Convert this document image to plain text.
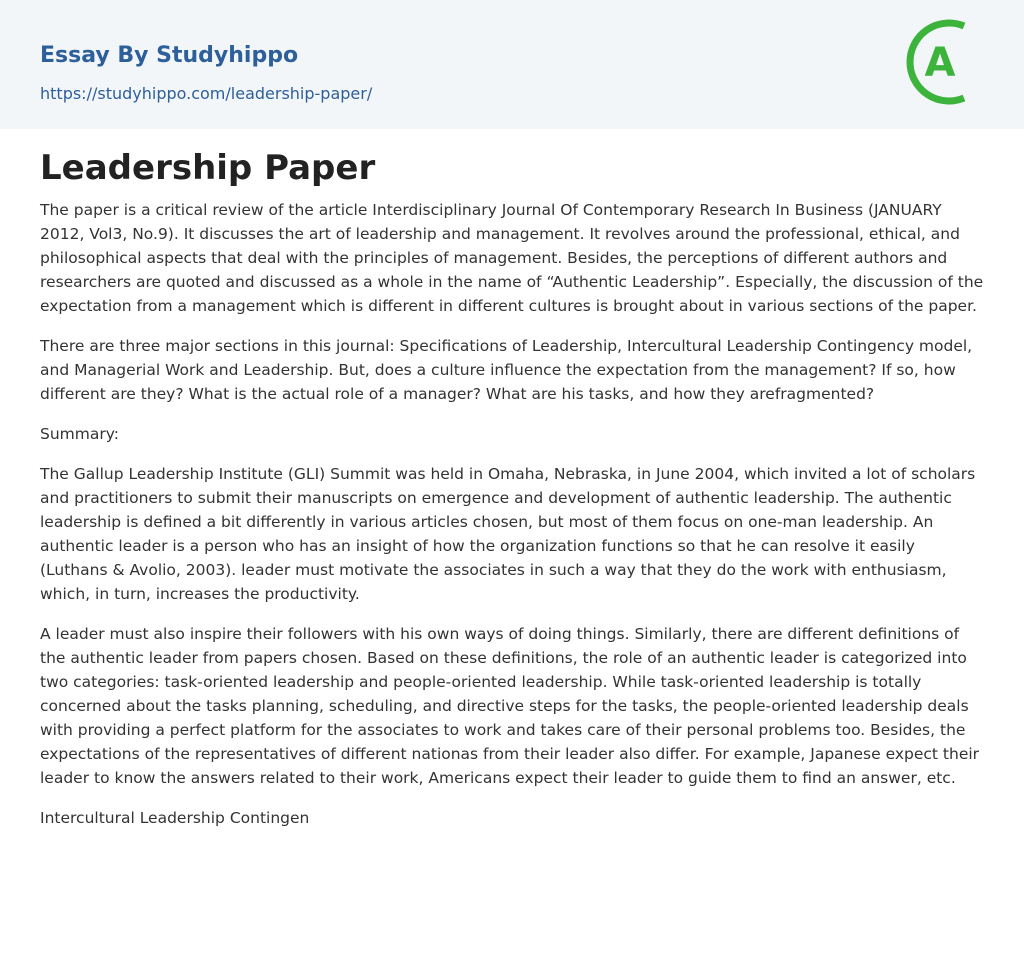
Essay By Studyhippo
https://studyhippo.com/leadership-paper/
A
Leadership Paper

The paper is a critical review of the article Interdisciplinary Journal Of Contemporary Research In Business (JANUARY 2012, Vol3, No.9). It discusses the art of leadership and management. It revolves around the professional, ethical, and philosophical aspects that deal with the principles of management. Besides, the perceptions of different authors and researchers are quoted and discussed as a whole in the name of “Authentic Leadership”. Especially, the discussion of the expectation from a management which is different in different cultures is brought about in various sections of the paper.

There are three major sections in this journal: Specifications of Leadership, Intercultural Leadership Contingency model, and Managerial Work and Leadership. But, does a culture influence the expectation from the management? If so, how different are they? What is the actual role of a manager? What are his tasks, and how they arefragmented?

Summary:

The Gallup Leadership Institute (GLI) Summit was held in Omaha, Nebraska, in June 2004, which invited a lot of scholars and practitioners to submit their manuscripts on emergence and development of authentic leadership. The authentic leadership is defined a bit differently in various articles chosen, but most of them focus on one-man leadership. An authentic leader is a person who has an insight of how the organization functions so that he can resolve it easily (Luthans & Avolio, 2003). leader must motivate the associates in such a way that they do the work with enthusiasm, which, in turn, increases the productivity.

A leader must also inspire their followers with his own ways of doing things. Similarly, there are different definitions of the authentic leader from papers chosen. Based on these definitions, the role of an authentic leader is categorized into two categories: task-oriented leadership and people-oriented leadership. While task-oriented leadership is totally concerned about the tasks planning, scheduling, and directive steps for the tasks, the people-oriented leadership deals with providing a perfect platform for the associates to work and takes care of their personal problems too. Besides, the expectations of the representatives of different nationas from their leader also differ. For example, Japanese expect their leader to know the answers related to their work, Americans expect their leader to guide them to find an answer, etc.

Intercultural Leadership Contingen
